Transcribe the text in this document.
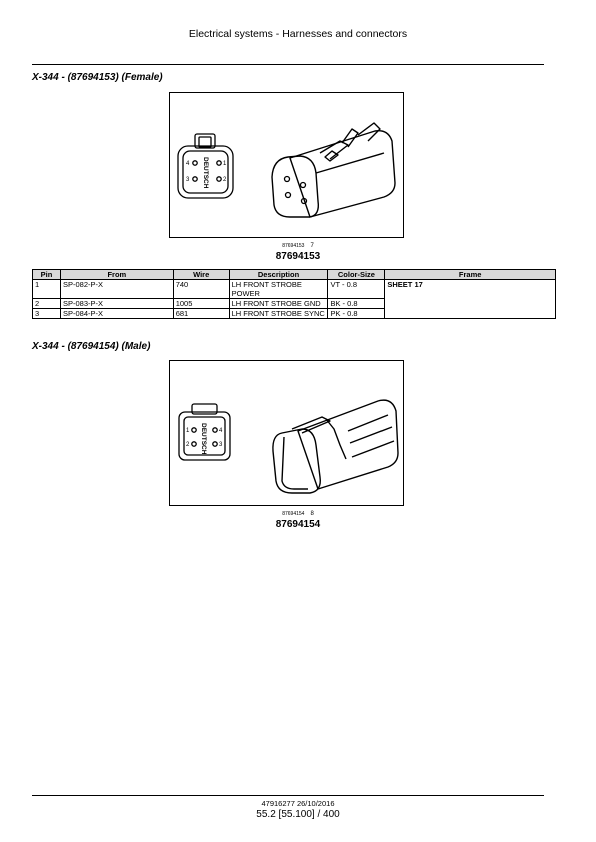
Electrical systems - Harnesses and connectors
X-344 - (87694153) (Female)
4	1
3	2
DEUTSCH
87694153 7
87694153
Pin	From	Wire	Description	Color-Size	Frame
1	SP-082-P-X	740	LH FRONT STROBE POWER	VT - 0.8	SHEET 17
2	SP-083-P-X	1005	LH FRONT STROBE GND	BK - 0.8	
3	SP-084-P-X	681	LH FRONT STROBE SYNC	PK - 0.8	
X-344 - (87694154) (Male)
1	4
2	3
DEUTSCH
87694154 8
87694154
47916277 26/10/2016
55.2 [55.100] / 400
